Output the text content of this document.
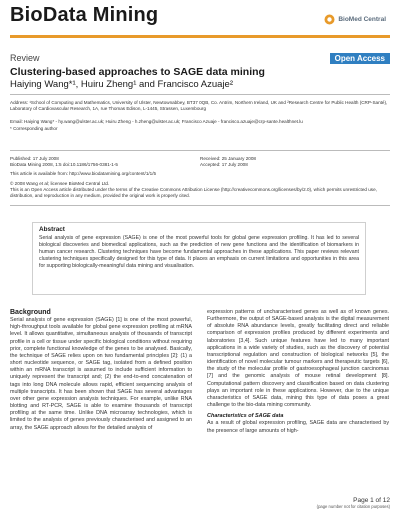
BioData Mining	BioMed Central
Review	Open Access
Clustering-based approaches to SAGE data mining
Haiying Wang*¹, Huiru Zheng¹ and Francisco Azuaje²
Address: ¹School of Computing and Mathematics, University of Ulster, Newtownabbey, BT37 0QB, Co. Antrim, Northern Ireland, UK and ²Research Centre for Public Health (CRP-Santé), Laboratory of Cardiovascular Research, 1A, rue Thomas Edison, L-1445, Strassen, Luxembourg
Email: Haiying Wang* - hy.wang@ulster.ac.uk; Huiru Zheng - h.zheng@ulster.ac.uk; Francisco Azuaje - francisco.azuaje@crp-sante.healthnet.lu
* Corresponding author
Published: 17 July 2008
BioData Mining 2008, 1:5 doi:10.1186/1756-0381-1-5
Received: 25 January 2008
Accepted: 17 July 2008
This article is available from: http://www.biodatamining.org/content/1/1/5
© 2008 Wang et al; licensee BioMed Central Ltd.
This is an Open Access article distributed under the terms of the Creative Commons Attribution License (http://creativecommons.org/licenses/by/2.0), which permits unrestricted use, distribution, and reproduction in any medium, provided the original work is properly cited.
Abstract
Serial analysis of gene expression (SAGE) is one of the most powerful tools for global gene expression profiling. It has led to several biological discoveries and biomedical applications, such as the prediction of new gene functions and the identification of biomarkers in human cancer research. Clustering techniques have become fundamental approaches in these applications. This paper reviews relevant clustering techniques specifically designed for this type of data. It places an emphasis on current limitations and opportunities in this area for supporting biologically-meaningful data mining and visualisation.
Background
Serial analysis of gene expression (SAGE) [1] is one of the most powerful, high-throughput tools available for global gene expression profiling at mRNA level. It allows quantitative, simultaneous analysis of thousands of transcript profile in a cell or tissue under specific biological conditions without requiring prior, complete functional knowledge of the genes to be analysed. Basically, the technique of SAGE relies upon on two fundamental principles [2]: (1) a short nucleotide sequence, or SAGE tag, isolated from a defined position within an mRNA transcript is assumed to include sufficient information to uniquely represent the transcript and; (2) the end-to-end concatenation of tags into long DNA molecule allows rapid, efficient sequencing analysis of multiple transcripts. It has been shown that SAGE has several advantages over other gene expression analysis techniques. For example, unlike RNA blotting and RT-PCR, SAGE is able to examine thousands of transcript profiling at the same time. Unlike DNA microarray technologies, which is limited to the analysis of genes previously characterised and assigned to an array, the SAGE approach allows for the detailed analysis of
expression patterns of uncharacterised genes as well as of known genes. Furthermore, the output of SAGE-based analysis is the digital measurement of absolute RNA abundance levels, greatly facilitating direct and reliable comparison of expression profiles produced by different experiments and laboratories [3,4]. Such unique features have led to many important applications in a wide variety of studies, such as the discovery of potential transcriptional regulation and construction of biological networks [5], the identification of novel molecular tumour markers and therapeutic targets [6], the study of the molecular profile of gastroesophageal junction carcinomas [7] and the genomic analysis of mouse retinal development [8]. Computational pattern discovery and classification based on data clustering plays an important role in these applications. However, due to the unique characteristics of SAGE data, mining this type of data poses a great challenge to the bio-data mining community.
Characteristics of SAGE data
As a result of global expression profiling, SAGE data are characterised by the presence of large amounts of high-
Page 1 of 12
(page number not for citation purposes)
